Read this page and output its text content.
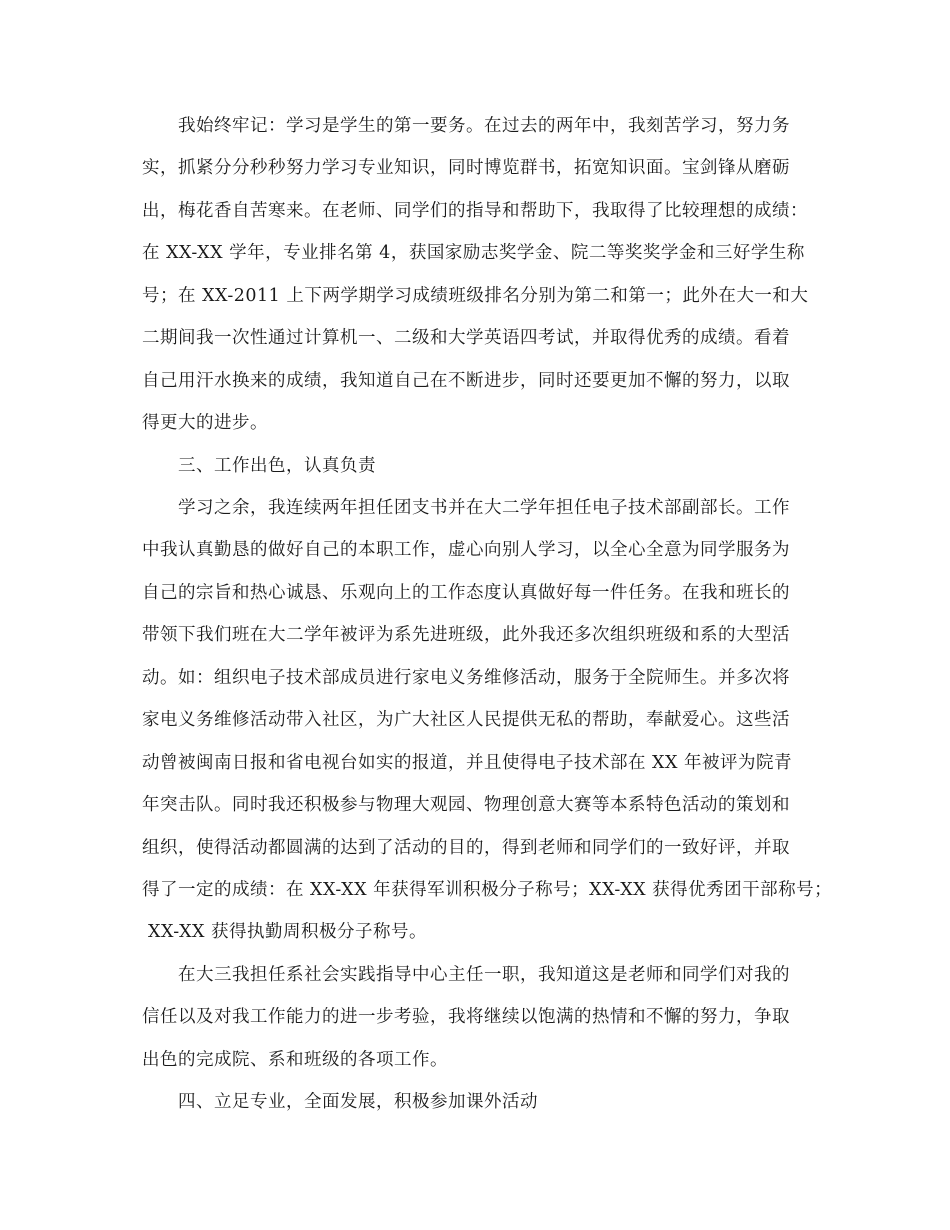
我始终牢记：学习是学生的第一要务。在过去的两年中，我刻苦学习，努力务
实，抓紧分分秒秒努力学习专业知识，同时博览群书，拓宽知识面。宝剑锋从磨砺
出，梅花香自苦寒来。在老师、同学们的指导和帮助下，我取得了比较理想的成绩：
在 XX-XX 学年，专业排名第 4，获国家励志奖学金、院二等奖奖学金和三好学生称
号；在 XX-2011 上下两学期学习成绩班级排名分别为第二和第一；此外在大一和大
二期间我一次性通过计算机一、二级和大学英语四考试，并取得优秀的成绩。看着
自己用汗水换来的成绩，我知道自己在不断进步，同时还要更加不懈的努力，以取
得更大的进步。
三、工作出色，认真负责
学习之余，我连续两年担任团支书并在大二学年担任电子技术部副部长。工作
中我认真勤恳的做好自己的本职工作，虚心向别人学习，以全心全意为同学服务为
自己的宗旨和热心诚恳、乐观向上的工作态度认真做好每一件任务。在我和班长的
带领下我们班在大二学年被评为系先进班级，此外我还多次组织班级和系的大型活
动。如：组织电子技术部成员进行家电义务维修活动，服务于全院师生。并多次将
家电义务维修活动带入社区，为广大社区人民提供无私的帮助，奉献爱心。这些活
动曾被闽南日报和省电视台如实的报道，并且使得电子技术部在 XX 年被评为院青
年突击队。同时我还积极参与物理大观园、物理创意大赛等本系特色活动的策划和
组织，使得活动都圆满的达到了活动的目的，得到老师和同学们的一致好评，并取
得了一定的成绩：在 XX-XX 年获得军训积极分子称号；XX-XX 获得优秀团干部称号；
XX-XX 获得执勤周积极分子称号。
在大三我担任系社会实践指导中心主任一职，我知道这是老师和同学们对我的
信任以及对我工作能力的进一步考验，我将继续以饱满的热情和不懈的努力，争取
出色的完成院、系和班级的各项工作。
四、立足专业，全面发展，积极参加课外活动
